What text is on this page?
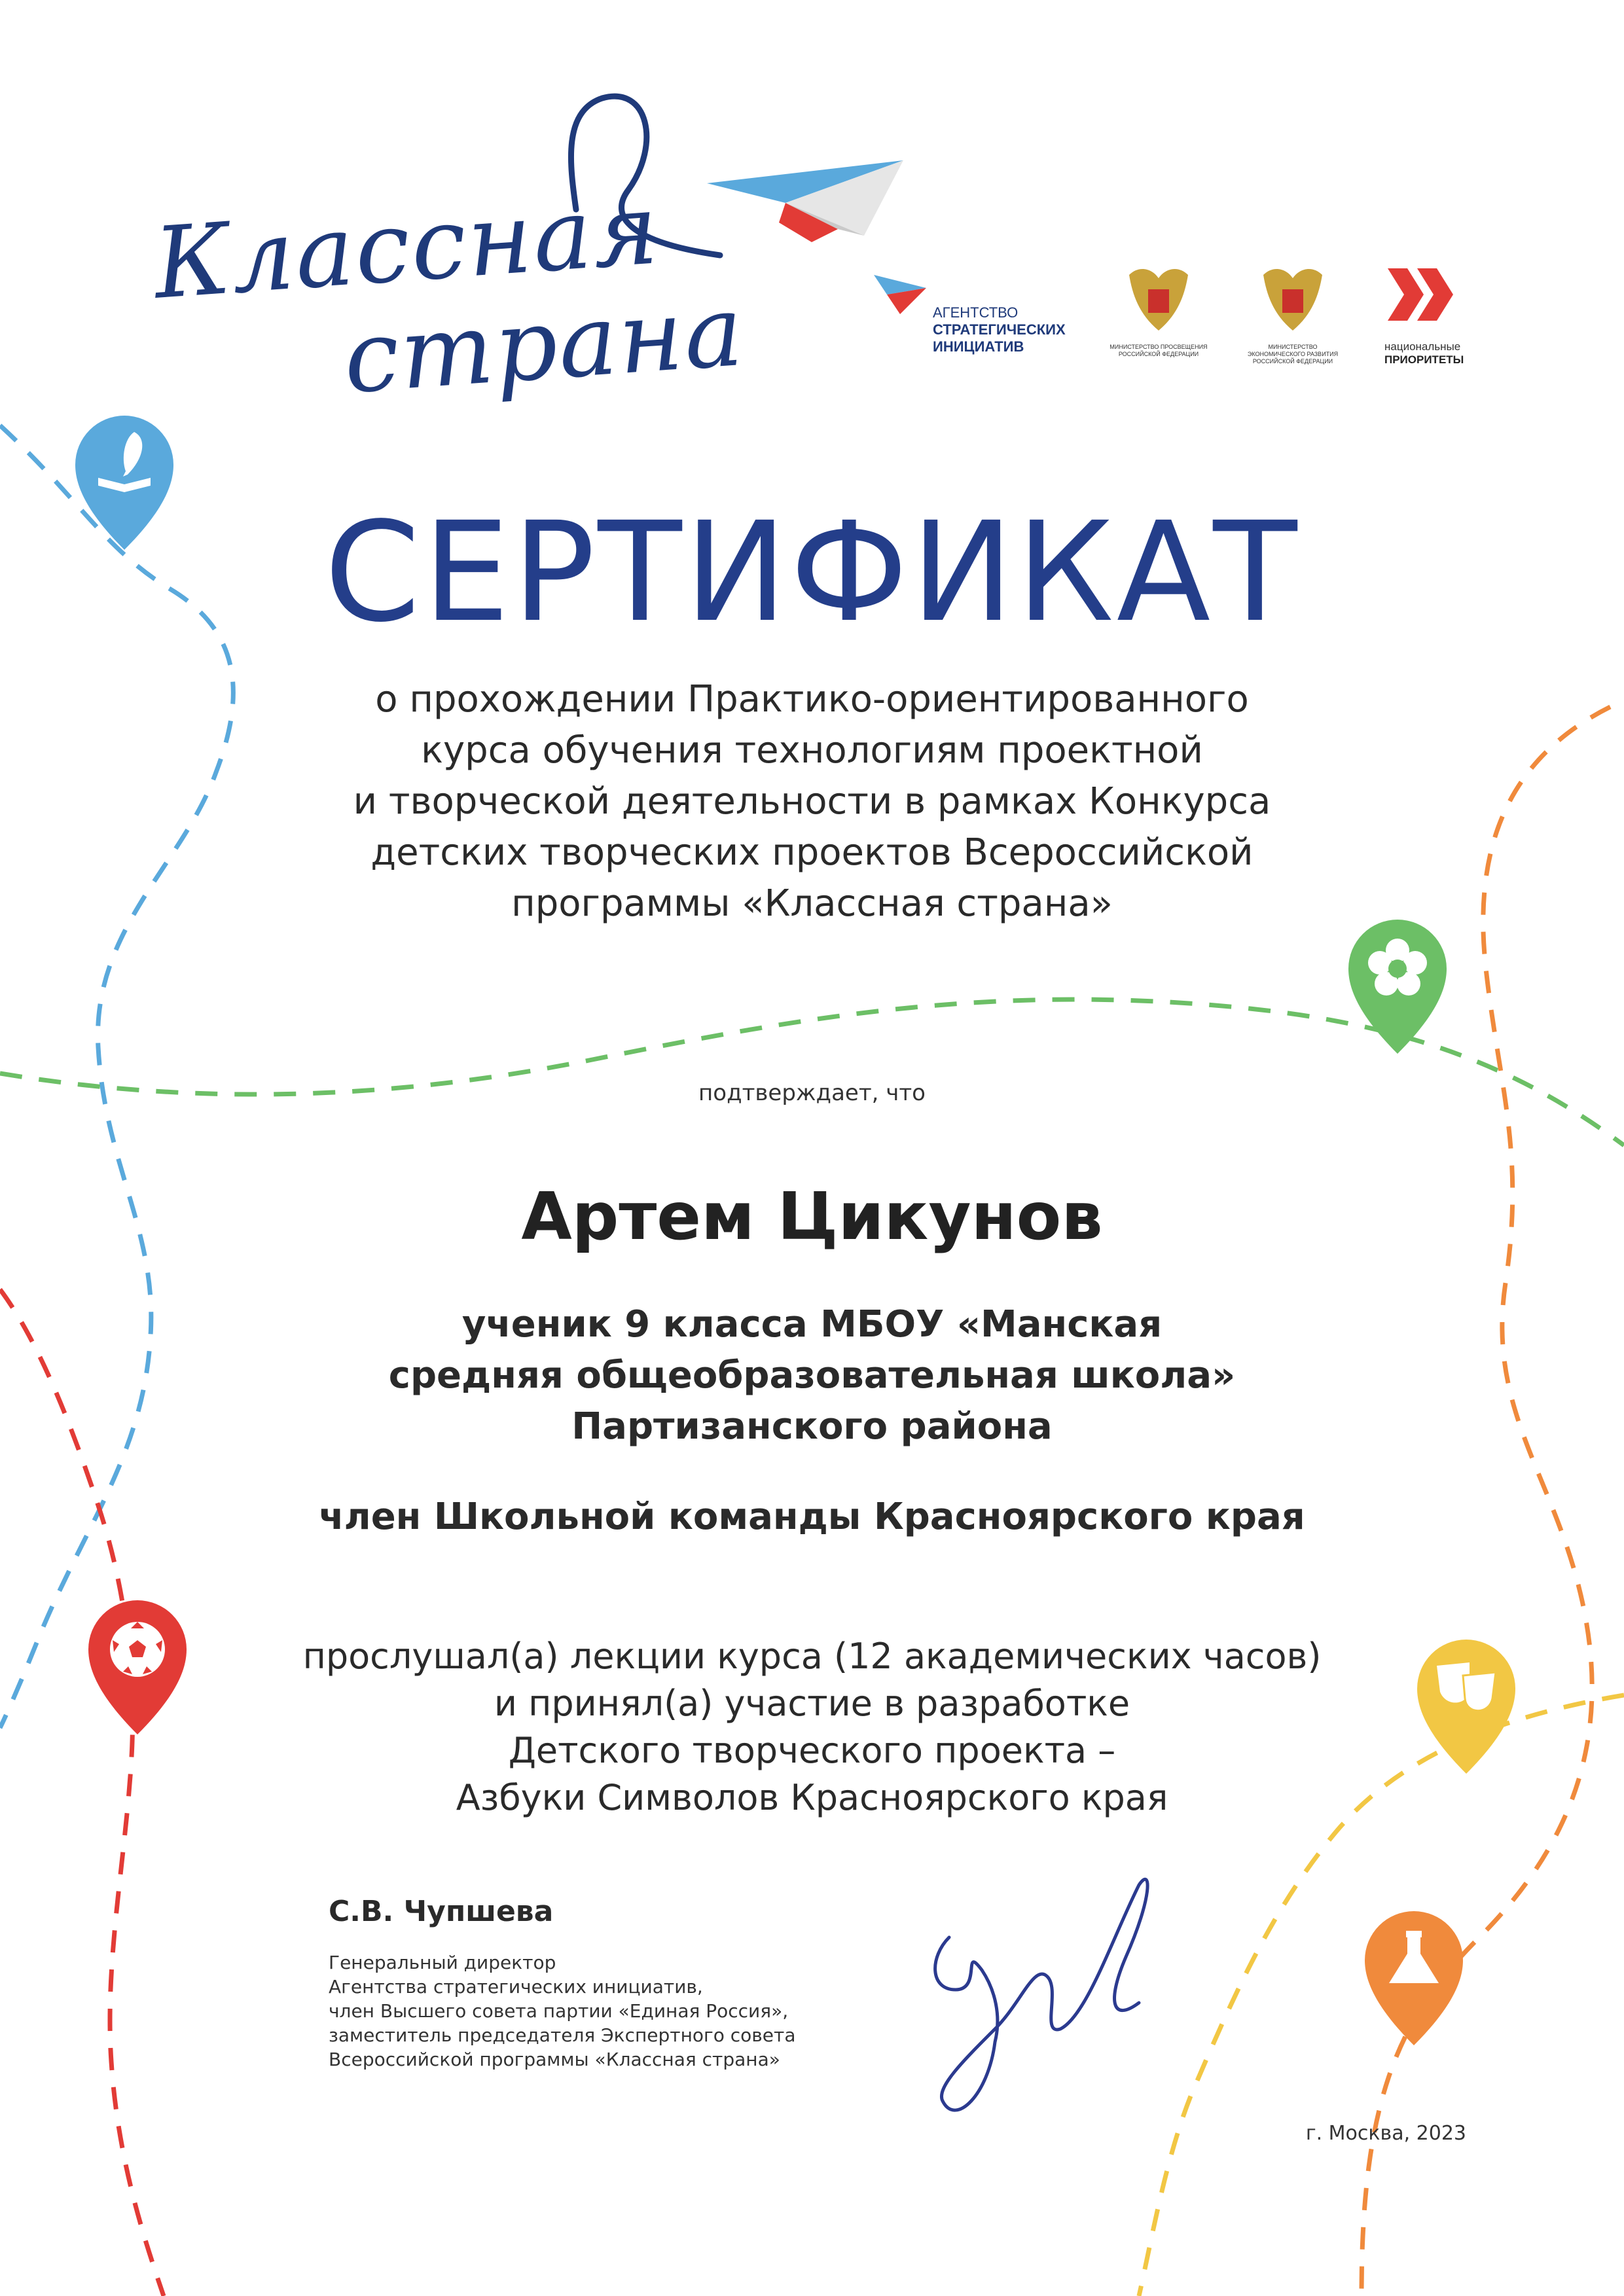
Классная
страна	АГЕНТСТВО
СТРАТЕГИЧЕСКИХ
ИНИЦИАТИВ	МИНИСТЕРСТВО ПРОСВЕЩЕНИЯ
РОССИЙСКОЙ ФЕДЕРАЦИИ
МИНИСТЕРСТВО
ЭКОНОМИЧЕСКОГО РАЗВИТИЯ
РОССИЙСКОЙ ФЕДЕРАЦИИ
национальные
ПРИОРИТЕТЫ
СЕРТИФИКАТ
о прохождении Практико-ориентированного
курса обучения технологиям проектной
и творческой деятельности в рамках Конкурса
детских творческих проектов Всероссийской
программы «Классная страна»
подтверждает, что
Артем Цикунов
ученик 9 класса МБОУ «Манская
средняя общеобразовательная школа»
Партизанского района
член Школьной команды Красноярского края
прослушал(а) лекции курса (12 академических часов)
и принял(а) участие в разработке
Детского творческого проекта –
Азбуки Символов Красноярского края
С.В. Чупшева
Генеральный директор
Агентства стратегических инициатив,
член Высшего совета партии «Единая Россия»,
заместитель председателя Экспертного совета
Всероссийской программы «Классная страна»
г. Москва, 2023
